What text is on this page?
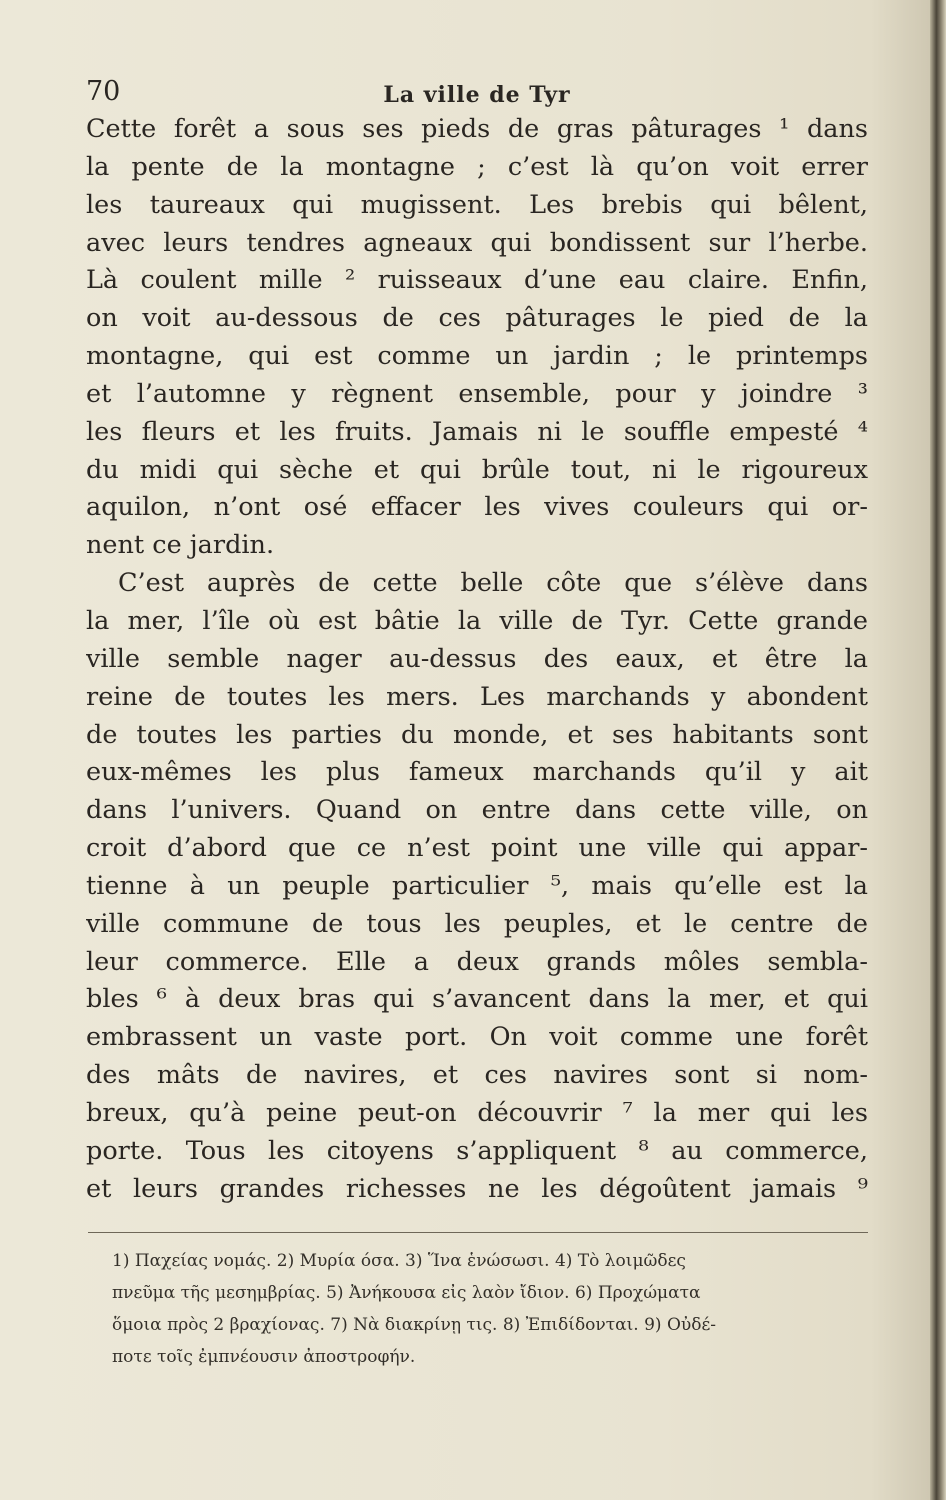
70	La ville de Tyr
Cette forêt a sous ses pieds de gras pâturages ¹ dans
la pente de la montagne ; c’est là qu’on voit errer
les taureaux qui mugissent. Les brebis qui bêlent,
avec leurs tendres agneaux qui bondissent sur l’herbe.
Là coulent mille ² ruisseaux d’une eau claire. Enfin,
on voit au-dessous de ces pâturages le pied de la
montagne, qui est comme un jardin ; le printemps
et l’automne y règnent ensemble, pour y joindre ³
les fleurs et les fruits. Jamais ni le souffle empesté ⁴
du midi qui sèche et qui brûle tout, ni le rigoureux
aquilon, n’ont osé effacer les vives couleurs qui or-
nent ce jardin.
C’est auprès de cette belle côte que s’élève dans
la mer, l’île où est bâtie la ville de Tyr. Cette grande
ville semble nager au-dessus des eaux, et être la
reine de toutes les mers. Les marchands y abondent
de toutes les parties du monde, et ses habitants sont
eux-mêmes les plus fameux marchands qu’il y ait
dans l’univers. Quand on entre dans cette ville, on
croit d’abord que ce n’est point une ville qui appar-
tienne à un peuple particulier ⁵, mais qu’elle est la
ville commune de tous les peuples, et le centre de
leur commerce. Elle a deux grands môles sembla-
bles ⁶ à deux bras qui s’avancent dans la mer, et qui
embrassent un vaste port. On voit comme une forêt
des mâts de navires, et ces navires sont si nom-
breux, qu’à peine peut-on découvrir ⁷ la mer qui les
porte. Tous les citoyens s’appliquent ⁸ au commerce,
et leurs grandes richesses ne les dégoûtent jamais ⁹
1) Παχείας νομάς. 2) Μυρία όσα. 3) Ἵνα ἑνώσωσι. 4) Τὸ λοιμῶδες
πνεῦμα τῆς μεσημβρίας. 5) Ἀνήκουσα εἰς λαὸν ἴδιον. 6) Προχώματα
ὅμοια πρὸς 2 βραχίονας. 7) Νὰ διακρίνῃ τις. 8) Ἐπιδίδονται. 9) Οὐδέ-
ποτε τοῖς ἐμπνέουσιν ἀποστροφήν.
